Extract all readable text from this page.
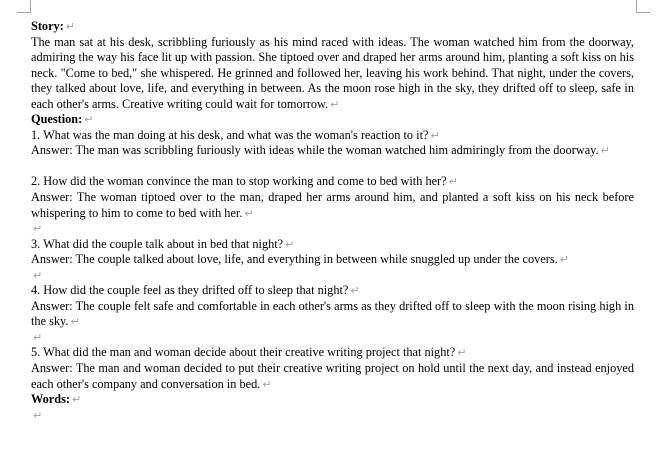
Story: ↵

The man sat at his desk, scribbling furiously as his mind raced with ideas. The woman watched him from the doorway, admiring the way his face lit up with passion. She tiptoed over and draped her arms around him, planting a soft kiss on his neck. "Come to bed," she whispered. He grinned and followed her, leaving his work behind. That night, under the covers, they talked about love, life, and everything in between. As the moon rose high in the sky, they drifted off to sleep, safe in each other's arms. Creative writing could wait for tomorrow. ↵

Question: ↵

1. What was the man doing at his desk, and what was the woman's reaction to it? ↵

Answer: The man was scribbling furiously with ideas while the woman watched him admiringly from the doorway. ↵

2. How did the woman convince the man to stop working and come to bed with her? ↵

Answer: The woman tiptoed over to the man, draped her arms around him, and planted a soft kiss on his neck before whispering to him to come to bed with her. ↵

↵

3. What did the couple talk about in bed that night? ↵

Answer: The couple talked about love, life, and everything in between while snuggled up under the covers. ↵

↵

4. How did the couple feel as they drifted off to sleep that night? ↵

Answer: The couple felt safe and comfortable in each other's arms as they drifted off to sleep with the moon rising high in the sky. ↵

↵

5. What did the man and woman decide about their creative writing project that night? ↵

Answer: The man and woman decided to put their creative writing project on hold until the next day, and instead enjoyed each other's company and conversation in bed. ↵

Words: ↵

↵
